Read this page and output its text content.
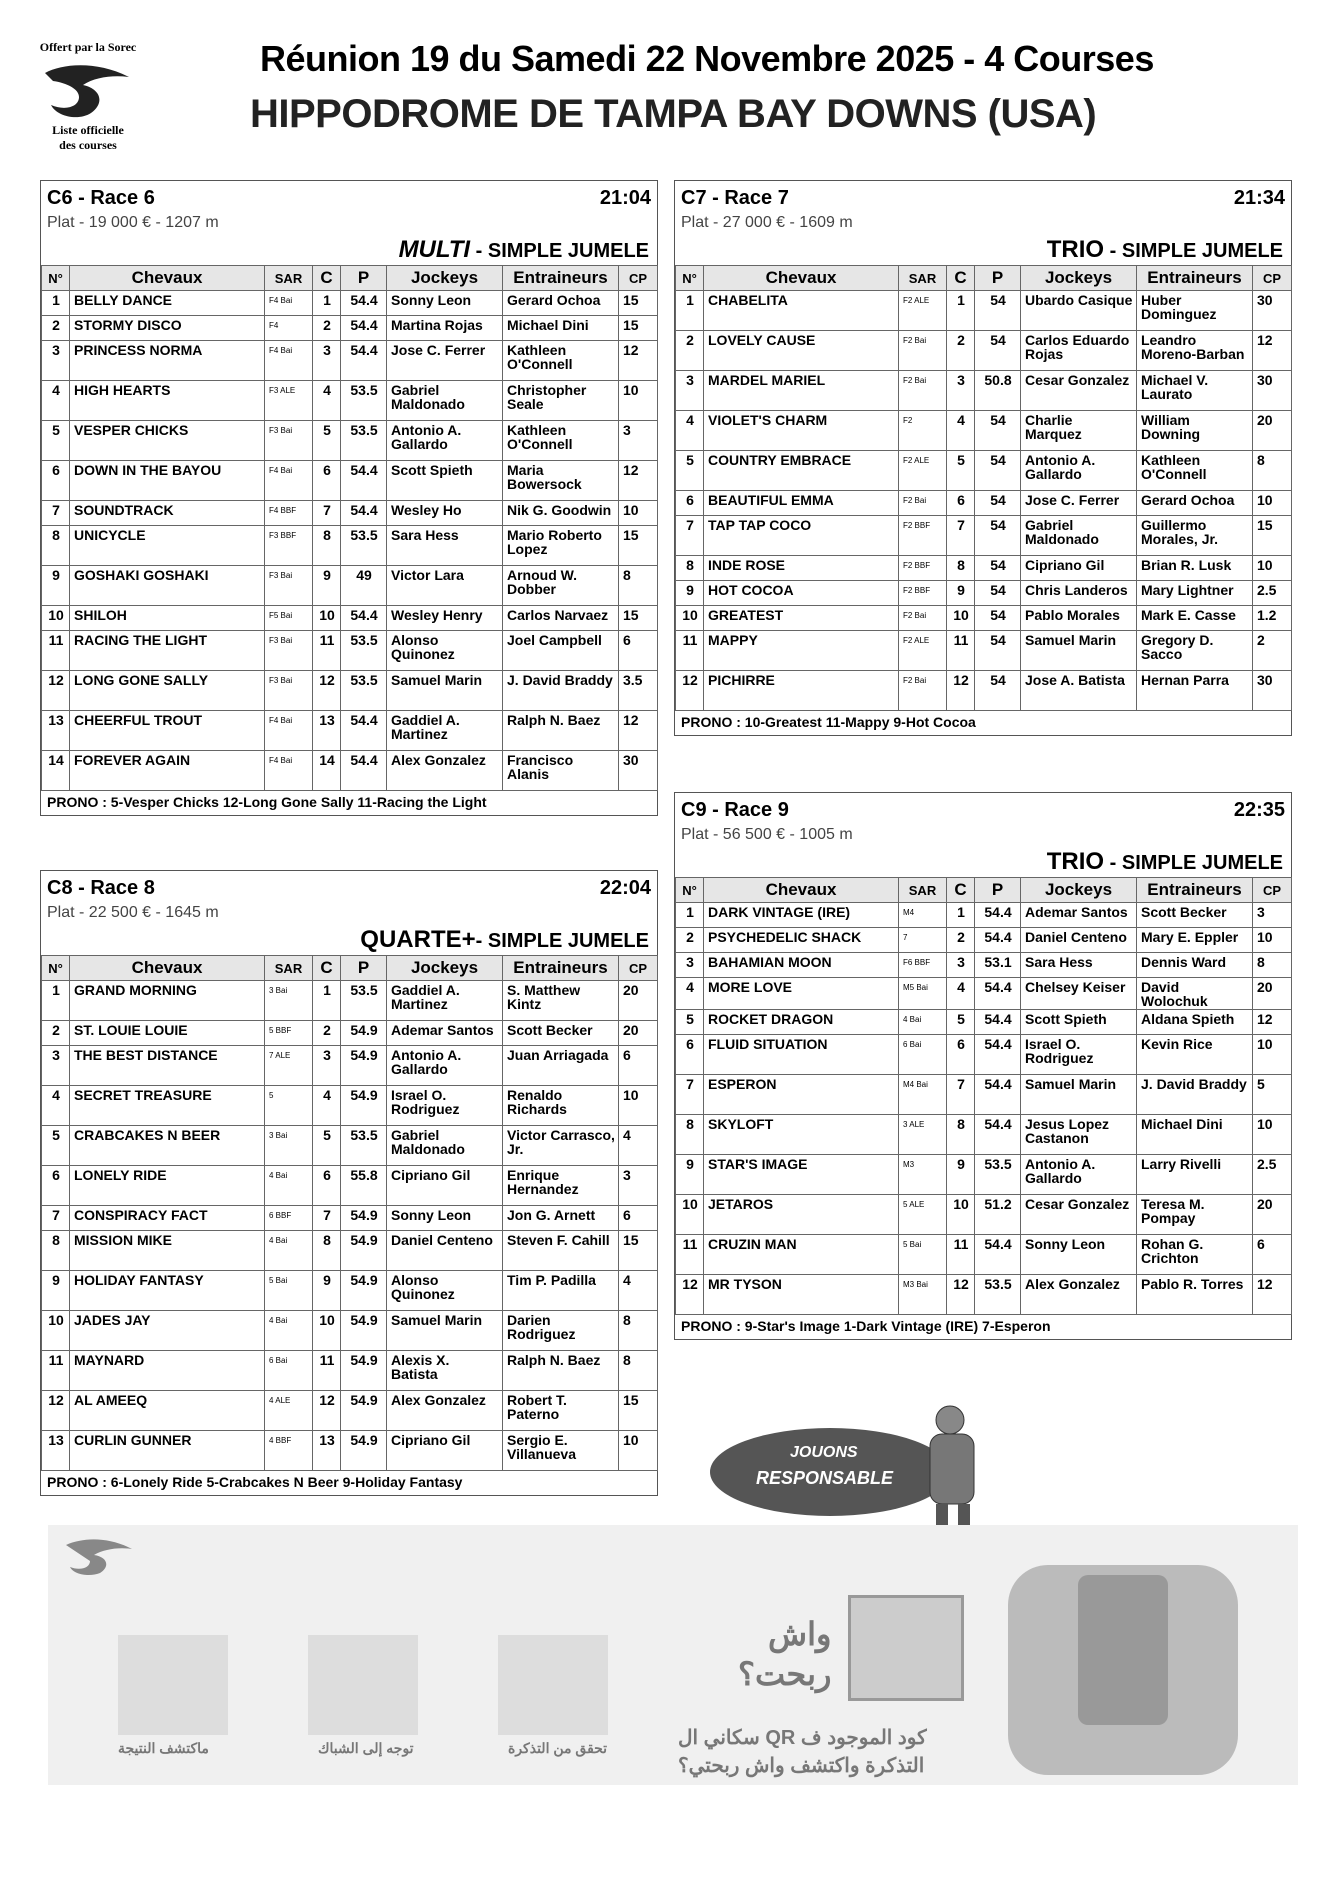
Offert par la Sorec
Liste officielle
des courses
Réunion 19 du Samedi 22 Novembre 2025 - 4 Courses
HIPPODROME DE TAMPA BAY DOWNS (USA)
C6 - Race 6	21:04
Plat - 19 000 € - 1207 m
MULTI - SIMPLE JUMELE
N°	Chevaux	SAR	C	P	Jockeys	Entraineurs	CP
1	BELLY DANCE	F4 Bai	1	54.4	Sonny Leon	Gerard Ochoa	15
2	STORMY DISCO	F4	2	54.4	Martina Rojas	Michael Dini	15
3	PRINCESS NORMA	F4 Bai	3	54.4	Jose C. Ferrer	Kathleen O'Connell	12
4	HIGH HEARTS	F3 ALE	4	53.5	Gabriel Maldonado	Christopher Seale	10
5	VESPER CHICKS	F3 Bai	5	53.5	Antonio A. Gallardo	Kathleen O'Connell	3
6	DOWN IN THE BAYOU	F4 Bai	6	54.4	Scott Spieth	Maria Bowersock	12
7	SOUNDTRACK	F4 BBF	7	54.4	Wesley Ho	Nik G. Goodwin	10
8	UNICYCLE	F3 BBF	8	53.5	Sara Hess	Mario Roberto Lopez	15
9	GOSHAKI GOSHAKI	F3 Bai	9	49	Victor Lara	Arnoud W. Dobber	8
10	SHILOH	F5 Bai	10	54.4	Wesley Henry	Carlos Narvaez	15
11	RACING THE LIGHT	F3 Bai	11	53.5	Alonso Quinonez	Joel Campbell	6
12	LONG GONE SALLY	F3 Bai	12	53.5	Samuel Marin	J. David Braddy	3.5
13	CHEERFUL TROUT	F4 Bai	13	54.4	Gaddiel A. Martinez	Ralph N. Baez	12
14	FOREVER AGAIN	F4 Bai	14	54.4	Alex Gonzalez	Francisco Alanis	30
PRONO : 5-Vesper Chicks 12-Long Gone Sally 11-Racing the Light
C7 - Race 7	21:34
Plat - 27 000 € - 1609 m
TRIO - SIMPLE JUMELE
N°	Chevaux	SAR	C	P	Jockeys	Entraineurs	CP
1	CHABELITA	F2 ALE	1	54	Ubardo Casique	Huber Dominguez	30
2	LOVELY CAUSE	F2 Bai	2	54	Carlos Eduardo Rojas	Leandro Moreno-Barban	12
3	MARDEL MARIEL	F2 Bai	3	50.8	Cesar Gonzalez	Michael V. Laurato	30
4	VIOLET'S CHARM	F2	4	54	Charlie Marquez	William Downing	20
5	COUNTRY EMBRACE	F2 ALE	5	54	Antonio A. Gallardo	Kathleen O'Connell	8
6	BEAUTIFUL EMMA	F2 Bai	6	54	Jose C. Ferrer	Gerard Ochoa	10
7	TAP TAP COCO	F2 BBF	7	54	Gabriel Maldonado	Guillermo Morales, Jr.	15
8	INDE ROSE	F2 BBF	8	54	Cipriano Gil	Brian R. Lusk	10
9	HOT COCOA	F2 BBF	9	54	Chris Landeros	Mary Lightner	2.5
10	GREATEST	F2 Bai	10	54	Pablo Morales	Mark E. Casse	1.2
11	MAPPY	F2 ALE	11	54	Samuel Marin	Gregory D. Sacco	2
12	PICHIRRE	F2 Bai	12	54	Jose A. Batista	Hernan Parra	30
PRONO : 10-Greatest 11-Mappy 9-Hot Cocoa
C8 - Race 8	22:04
Plat - 22 500 € - 1645 m
QUARTE+- SIMPLE JUMELE
N°	Chevaux	SAR	C	P	Jockeys	Entraineurs	CP
1	GRAND MORNING	3 Bai	1	53.5	Gaddiel A. Martinez	S. Matthew Kintz	20
2	ST. LOUIE LOUIE	5 BBF	2	54.9	Ademar Santos	Scott Becker	20
3	THE BEST DISTANCE	7 ALE	3	54.9	Antonio A. Gallardo	Juan Arriagada	6
4	SECRET TREASURE	5	4	54.9	Israel O. Rodriguez	Renaldo Richards	10
5	CRABCAKES N BEER	3 Bai	5	53.5	Gabriel Maldonado	Victor Carrasco, Jr.	4
6	LONELY RIDE	4 Bai	6	55.8	Cipriano Gil	Enrique Hernandez	3
7	CONSPIRACY FACT	6 BBF	7	54.9	Sonny Leon	Jon G. Arnett	6
8	MISSION MIKE	4 Bai	8	54.9	Daniel Centeno	Steven F. Cahill	15
9	HOLIDAY FANTASY	5 Bai	9	54.9	Alonso Quinonez	Tim P. Padilla	4
10	JADES JAY	4 Bai	10	54.9	Samuel Marin	Darien Rodriguez	8
11	MAYNARD	6 Bai	11	54.9	Alexis X. Batista	Ralph N. Baez	8
12	AL AMEEQ	4 ALE	12	54.9	Alex Gonzalez	Robert T. Paterno	15
13	CURLIN GUNNER	4 BBF	13	54.9	Cipriano Gil	Sergio E. Villanueva	10
PRONO : 6-Lonely Ride 5-Crabcakes N Beer 9-Holiday Fantasy
C9 - Race 9	22:35
Plat - 56 500 € - 1005 m
TRIO - SIMPLE JUMELE
N°	Chevaux	SAR	C	P	Jockeys	Entraineurs	CP
1	DARK VINTAGE (IRE)	M4	1	54.4	Ademar Santos	Scott Becker	3
2	PSYCHEDELIC SHACK	7	2	54.4	Daniel Centeno	Mary E. Eppler	10
3	BAHAMIAN MOON	F6 BBF	3	53.1	Sara Hess	Dennis Ward	8
4	MORE LOVE	M5 Bai	4	54.4	Chelsey Keiser	David Wolochuk	20
5	ROCKET DRAGON	4 Bai	5	54.4	Scott Spieth	Aldana Spieth	12
6	FLUID SITUATION	6 Bai	6	54.4	Israel O. Rodriguez	Kevin Rice	10
7	ESPERON	M4 Bai	7	54.4	Samuel Marin	J. David Braddy	5
8	SKYLOFT	3 ALE	8	54.4	Jesus Lopez Castanon	Michael Dini	10
9	STAR'S IMAGE	M3	9	53.5	Antonio A. Gallardo	Larry Rivelli	2.5
10	JETAROS	5 ALE	10	51.2	Cesar Gonzalez	Teresa M. Pompay	20
11	CRUZIN MAN	5 Bai	11	54.4	Sonny Leon	Rohan G. Crichton	6
12	MR TYSON	M3 Bai	12	53.5	Alex Gonzalez	Pablo R. Torres	12
PRONO : 9-Star's Image 1-Dark Vintage (IRE) 7-Esperon
JOUONS
RESPONSABLE
ماكتشف النتيجة	توجه إلى الشباك	تحقق من التذكرة
واش
ربحت؟
سكاني ال QR كود الموجود ف
التذكرة واكتشف واش ربحتي؟
